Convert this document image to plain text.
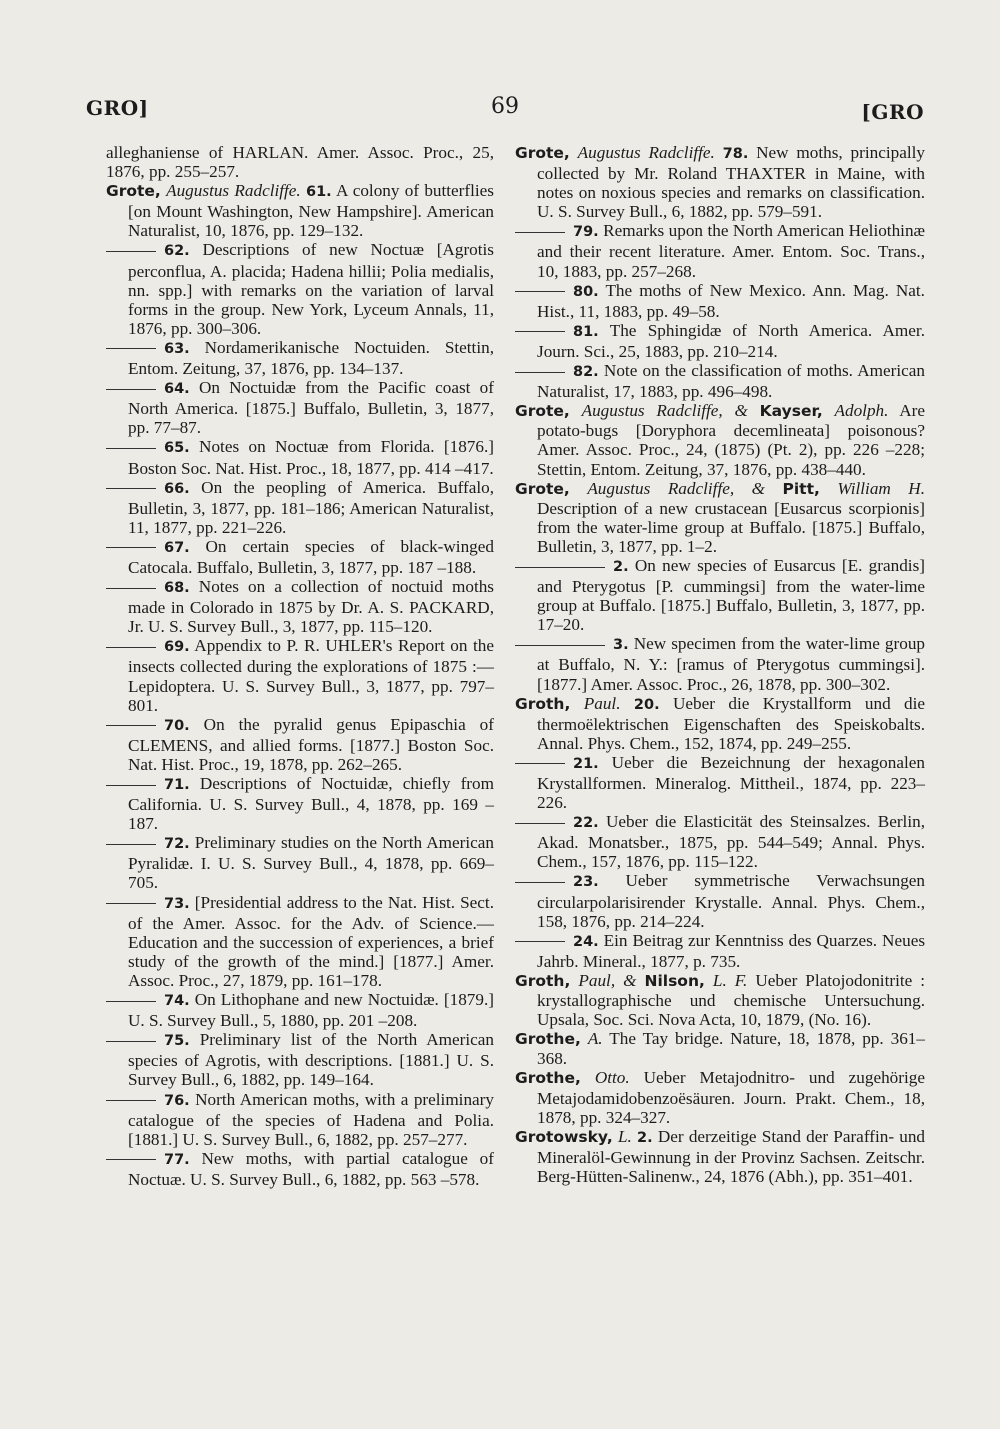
GRO]	69	[GRO

alleghaniense of HARLAN. Amer. Assoc. Proc., 25, 1876, pp. 255–257.

Grote, Augustus Radcliffe. 61. A colony of butterflies [on Mount Washington, New Hampshire]. American Naturalist, 10, 1876, pp. 129–132.

62. Descriptions of new Noctuæ [Agrotis perconflua, A. placida; Hadena hillii; Polia medialis, nn. spp.] with remarks on the variation of larval forms in the group. New York, Lyceum Annals, 11, 1876, pp. 300–306.

63. Nordamerikanische Noctuiden. Stettin, Entom. Zeitung, 37, 1876, pp. 134–137.

64. On Noctuidæ from the Pacific coast of North America. [1875.] Buffalo, Bulletin, 3, 1877, pp. 77–87.

65. Notes on Noctuæ from Florida. [1876.] Boston Soc. Nat. Hist. Proc., 18, 1877, pp. 414 –417.

66. On the peopling of America. Buffalo, Bulletin, 3, 1877, pp. 181–186; American Naturalist, 11, 1877, pp. 221–226.

67. On certain species of black-winged Catocala. Buffalo, Bulletin, 3, 1877, pp. 187 –188.

68. Notes on a collection of noctuid moths made in Colorado in 1875 by Dr. A. S. PACKARD, Jr. U. S. Survey Bull., 3, 1877, pp. 115–120.

69. Appendix to P. R. UHLER's Report on the insects collected during the explorations of 1875 :—Lepidoptera. U. S. Survey Bull., 3, 1877, pp. 797–801.

70. On the pyralid genus Epipaschia of CLEMENS, and allied forms. [1877.] Boston Soc. Nat. Hist. Proc., 19, 1878, pp. 262–265.

71. Descriptions of Noctuidæ, chiefly from California. U. S. Survey Bull., 4, 1878, pp. 169 –187.

72. Preliminary studies on the North American Pyralidæ. I. U. S. Survey Bull., 4, 1878, pp. 669–705.

73. [Presidential address to the Nat. Hist. Sect. of the Amer. Assoc. for the Adv. of Science.—Education and the succession of experiences, a brief study of the growth of the mind.] [1877.] Amer. Assoc. Proc., 27, 1879, pp. 161–178.

74. On Lithophane and new Noctuidæ. [1879.] U. S. Survey Bull., 5, 1880, pp. 201 –208.

75. Preliminary list of the North American species of Agrotis, with descriptions. [1881.] U. S. Survey Bull., 6, 1882, pp. 149–164.

76. North American moths, with a preliminary catalogue of the species of Hadena and Polia. [1881.] U. S. Survey Bull., 6, 1882, pp. 257–277.

77. New moths, with partial catalogue of Noctuæ. U. S. Survey Bull., 6, 1882, pp. 563 –578.

Grote, Augustus Radcliffe. 78. New moths, principally collected by Mr. Roland THAXTER in Maine, with notes on noxious species and remarks on classification. U. S. Survey Bull., 6, 1882, pp. 579–591.

79. Remarks upon the North American Heliothinæ and their recent literature. Amer. Entom. Soc. Trans., 10, 1883, pp. 257–268.

80. The moths of New Mexico. Ann. Mag. Nat. Hist., 11, 1883, pp. 49–58.

81. The Sphingidæ of North America. Amer. Journ. Sci., 25, 1883, pp. 210–214.

82. Note on the classification of moths. American Naturalist, 17, 1883, pp. 496–498.

Grote, Augustus Radcliffe, & Kayser, Adolph. Are potato-bugs [Doryphora decemlineata] poisonous? Amer. Assoc. Proc., 24, (1875) (Pt. 2), pp. 226 –228; Stettin, Entom. Zeitung, 37, 1876, pp. 438–440.

Grote, Augustus Radcliffe, & Pitt, William H. Description of a new crustacean [Eusarcus scorpionis] from the water-lime group at Buffalo. [1875.] Buffalo, Bulletin, 3, 1877, pp. 1–2.

2. On new species of Eusarcus [E. grandis] and Pterygotus [P. cummingsi] from the water-lime group at Buffalo. [1875.] Buffalo, Bulletin, 3, 1877, pp. 17–20.

3. New specimen from the water-lime group at Buffalo, N. Y.: [ramus of Pterygotus cummingsi]. [1877.] Amer. Assoc. Proc., 26, 1878, pp. 300–302.

Groth, Paul. 20. Ueber die Krystallform und die thermoëlektrischen Eigenschaften des Speiskobalts. Annal. Phys. Chem., 152, 1874, pp. 249–255.

21. Ueber die Bezeichnung der hexagonalen Krystallformen. Mineralog. Mittheil., 1874, pp. 223–226.

22. Ueber die Elasticität des Steinsalzes. Berlin, Akad. Monatsber., 1875, pp. 544–549; Annal. Phys. Chem., 157, 1876, pp. 115–122.

23. Ueber symmetrische Verwachsungen circularpolarisirender Krystalle. Annal. Phys. Chem., 158, 1876, pp. 214–224.

24. Ein Beitrag zur Kenntniss des Quarzes. Neues Jahrb. Mineral., 1877, p. 735.

Groth, Paul, & Nilson, L. F. Ueber Platojodonitrite : krystallographische und chemische Untersuchung. Upsala, Soc. Sci. Nova Acta, 10, 1879, (No. 16).

Grothe, A. The Tay bridge. Nature, 18, 1878, pp. 361–368.

Grothe, Otto. Ueber Metajodnitro- und zugehörige Metajodamidobenzoësäuren. Journ. Prakt. Chem., 18, 1878, pp. 324–327.

Grotowsky, L. 2. Der derzeitige Stand der Paraffin- und Mineralöl-Gewinnung in der Provinz Sachsen. Zeitschr. Berg-Hütten-Salinenw., 24, 1876 (Abh.), pp. 351–401.
